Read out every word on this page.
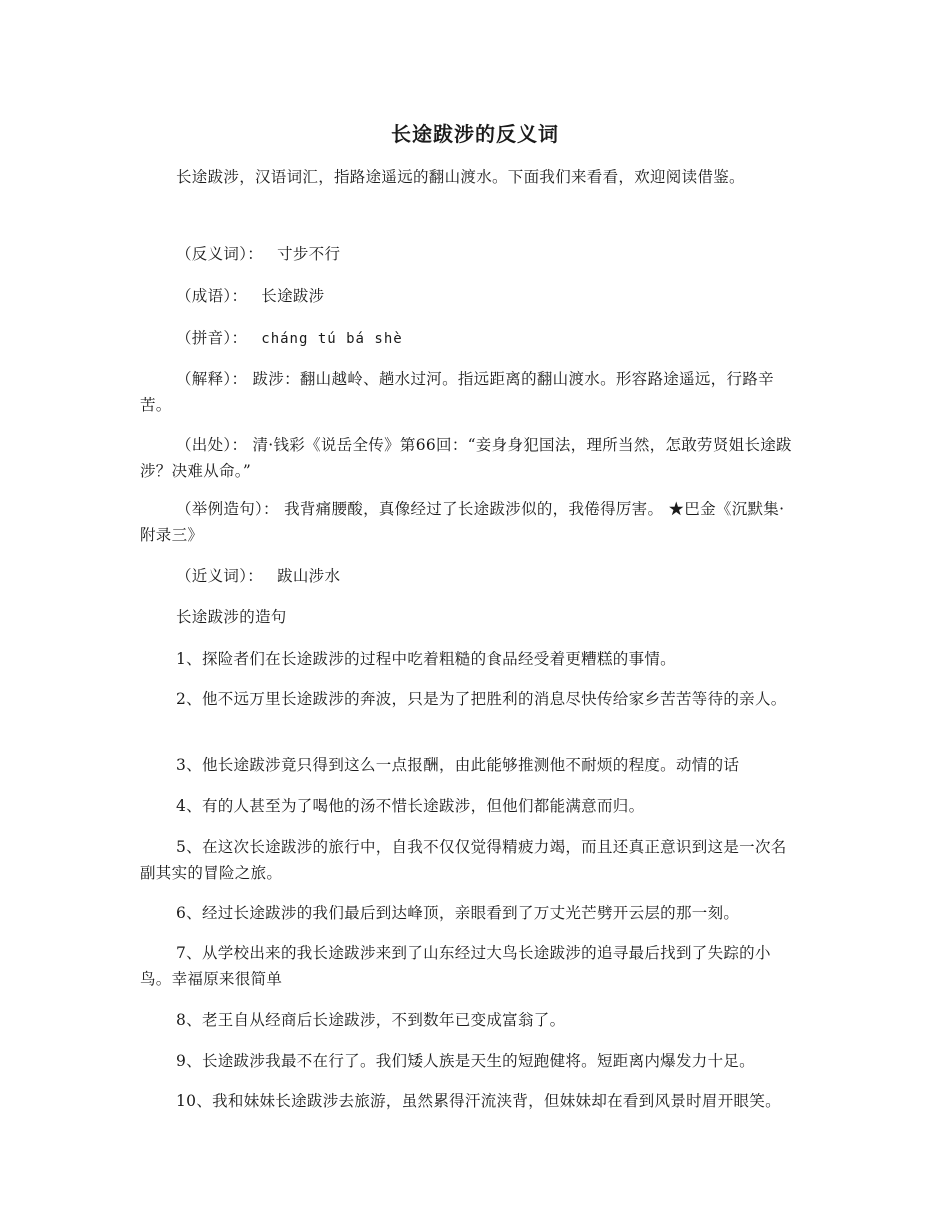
长途跋涉的反义词
长途跋涉，汉语词汇，指路途遥远的翻山渡水。下面我们来看看，欢迎阅读借鉴。
（反义词）： 寸步不行
（成语）： 长途跋涉
（拼音）： cháng tú bá shè
（解释）： 跋涉：翻山越岭、趟水过河。指远距离的翻山渡水。形容路途遥远，行路辛苦。
（出处）： 清·钱彩《说岳全传》第66回：“妾身身犯国法，理所当然，怎敢劳贤姐长途跋涉？决难从命。”
（举例造句）： 我背痛腰酸，真像经过了长途跋涉似的，我倦得厉害。 ★巴金《沉默集·附录三》
（近义词）： 跋山涉水
长途跋涉的造句
1、探险者们在长途跋涉的过程中吃着粗糙的食品经受着更糟糕的事情。
2、他不远万里长途跋涉的奔波，只是为了把胜利的消息尽快传给家乡苦苦等待的亲人。
3、他长途跋涉竟只得到这么一点报酬，由此能够推测他不耐烦的程度。动情的话
4、有的人甚至为了喝他的汤不惜长途跋涉，但他们都能满意而归。
5、在这次长途跋涉的旅行中，自我不仅仅觉得精疲力竭，而且还真正意识到这是一次名副其实的冒险之旅。
6、经过长途跋涉的我们最后到达峰顶，亲眼看到了万丈光芒劈开云层的那一刻。
7、从学校出来的我长途跋涉来到了山东经过大鸟长途跋涉的追寻最后找到了失踪的小鸟。幸福原来很简单
8、老王自从经商后长途跋涉，不到数年已变成富翁了。
9、长途跋涉我最不在行了。我们矮人族是天生的短跑健将。短距离内爆发力十足。
10、我和妹妹长途跋涉去旅游，虽然累得汗流浃背，但妹妹却在看到风景时眉开眼笑。
